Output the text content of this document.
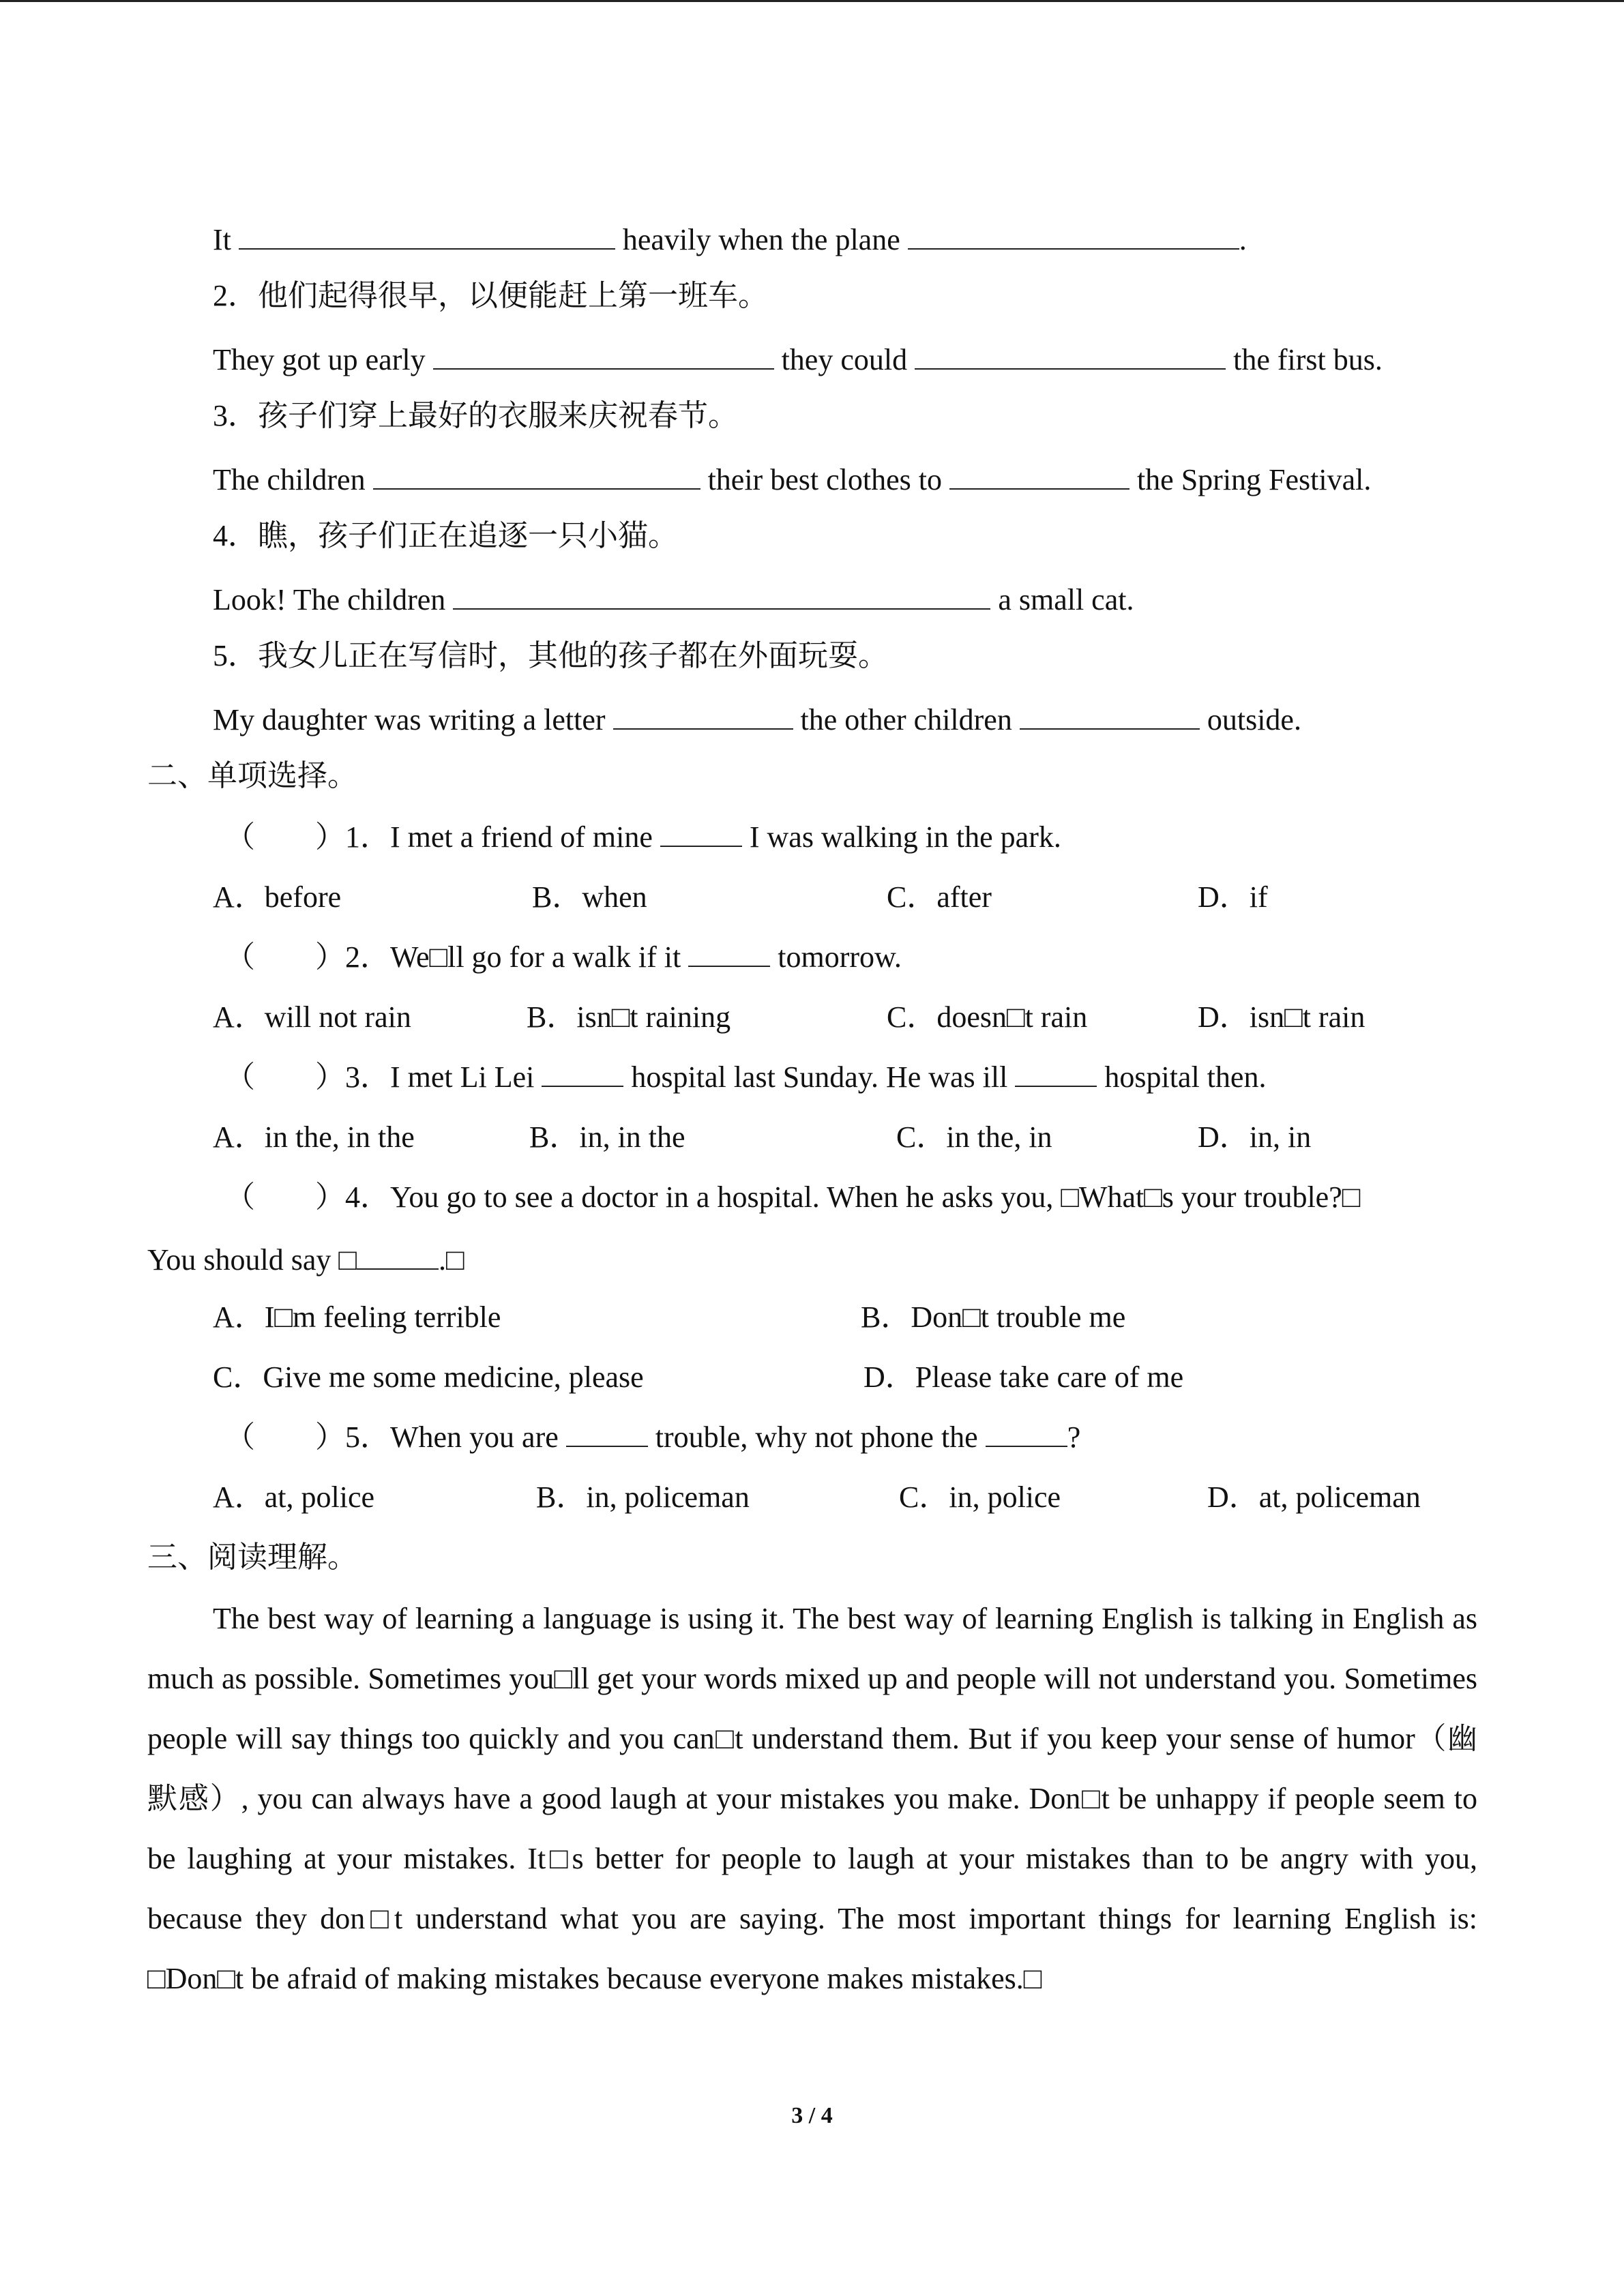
It	heavily when the plane	.
2．他们起得很早，以便能赶上第一班车。
They got up early	they could	the first bus.
3．孩子们穿上最好的衣服来庆祝春节。
The children	their best clothes to	the Spring Festival.
4．瞧，孩子们正在追逐一只小猫。
Look! The children	a small cat.
5．我女儿正在写信时，其他的孩子都在外面玩耍。
My daughter was writing a letter	the other children	outside.
二、单项选择。
（        ）1．I met a friend of mine	I was walking in the park.
A．before	B．when	C．after	D．if
（        ）2．We□ll go for a walk if it	tomorrow.
A．will not rain	B．isn□t raining	C．doesn□t rain	D．isn□t rain
（        ）3．I met Li Lei	hospital last Sunday. He was ill	hospital then.
A．in the, in the	B．in, in the	C．in the, in	D．in, in
（        ）4．You go to see a doctor in a hospital. When he asks you, □What□s your trouble?□
You should say □	.□
A．I□m feeling terrible	B．Don□t trouble me
C．Give me some medicine, please	D．Please take care of me
（        ）5．When you are	trouble, why not phone the	?
A．at, police	B．in, policeman	C．in, police	D．at, policeman
三、阅读理解。
The best way of learning a language is using it. The best way of learning English is talking in English as much as possible. Sometimes you□ll get your words mixed up and people will not understand you. Sometimes people will say things too quickly and you can□t understand them. But if you keep your sense of humor（幽默感）, you can always have a good laugh at your mistakes you make. Don□t be unhappy if people seem to be laughing at your mistakes. It□s better for people to laugh at your mistakes than to be angry with you, because they don□t understand what you are saying. The most important things for learning English is: □Don□t be afraid of making mistakes because everyone makes mistakes.□
3 / 4
